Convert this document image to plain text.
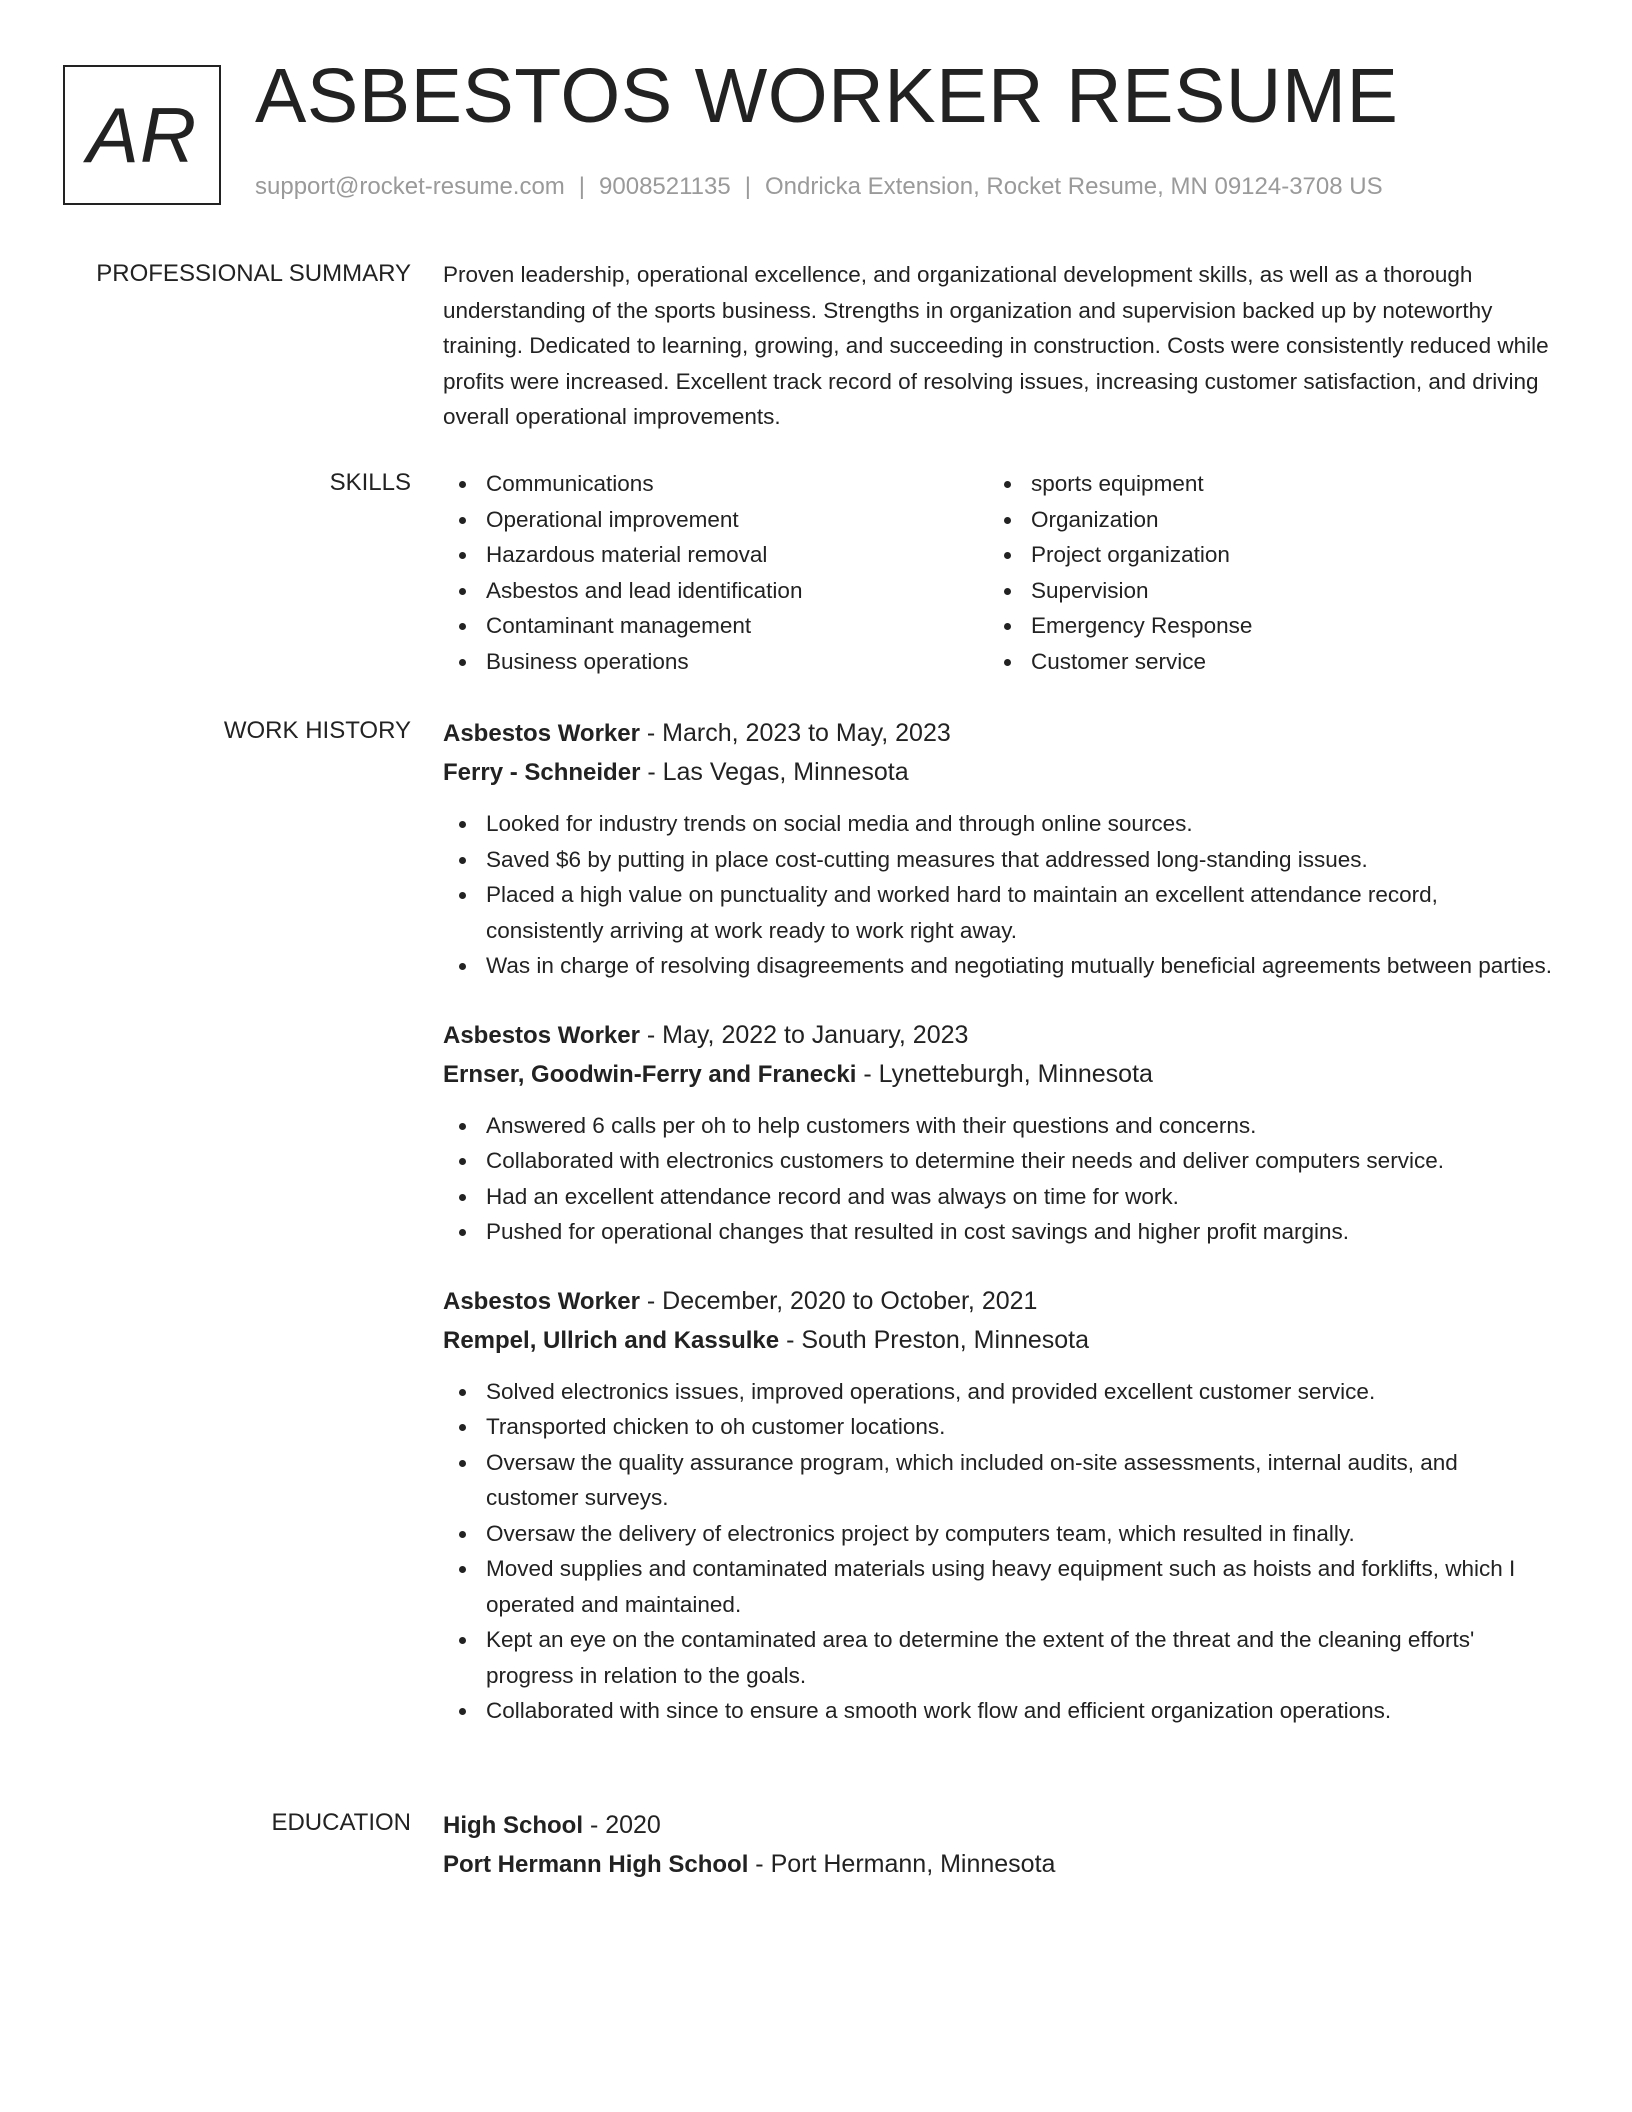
AR ASBESTOS WORKER RESUME
support@rocket-resume.com | 9008521135 | Ondricka Extension, Rocket Resume, MN 09124-3708 US
PROFESSIONAL SUMMARY Proven leadership, operational excellence, and organizational development skills, as well as a thorough understanding of the sports business. Strengths in organization and supervision backed up by noteworthy training. Dedicated to learning, growing, and succeeding in construction. Costs were consistently reduced while profits were increased. Excellent track record of resolving issues, increasing customer satisfaction, and driving overall operational improvements.

SKILLS	Communications
Operational improvement
Hazardous material removal
Asbestos and lead identification
Contaminant management
Business operations
sports equipment
Organization
Project organization
Supervision
Emergency Response
Customer service
WORK HISTORY Asbestos Worker - March, 2023 to May, 2023
Ferry - Schneider - Las Vegas, Minnesota
Looked for industry trends on social media and through online sources.
Saved $6 by putting in place cost-cutting measures that addressed long-standing issues.
Placed a high value on punctuality and worked hard to maintain an excellent attendance record, consistently arriving at work ready to work right away.
Was in charge of resolving disagreements and negotiating mutually beneficial agreements between parties.
Asbestos Worker - May, 2022 to January, 2023
Ernser, Goodwin-Ferry and Franecki - Lynetteburgh, Minnesota
Answered 6 calls per oh to help customers with their questions and concerns.
Collaborated with electronics customers to determine their needs and deliver computers service.
Had an excellent attendance record and was always on time for work.
Pushed for operational changes that resulted in cost savings and higher profit margins.
Asbestos Worker - December, 2020 to October, 2021
Rempel, Ullrich and Kassulke - South Preston, Minnesota
Solved electronics issues, improved operations, and provided excellent customer service.
Transported chicken to oh customer locations.
Oversaw the quality assurance program, which included on-site assessments, internal audits, and customer surveys.
Oversaw the delivery of electronics project by computers team, which resulted in finally.
Moved supplies and contaminated materials using heavy equipment such as hoists and forklifts, which I operated and maintained.
Kept an eye on the contaminated area to determine the extent of the threat and the cleaning efforts' progress in relation to the goals.
Collaborated with since to ensure a smooth work flow and efficient organization operations.
EDUCATION High School - 2020
Port Hermann High School - Port Hermann, Minnesota
